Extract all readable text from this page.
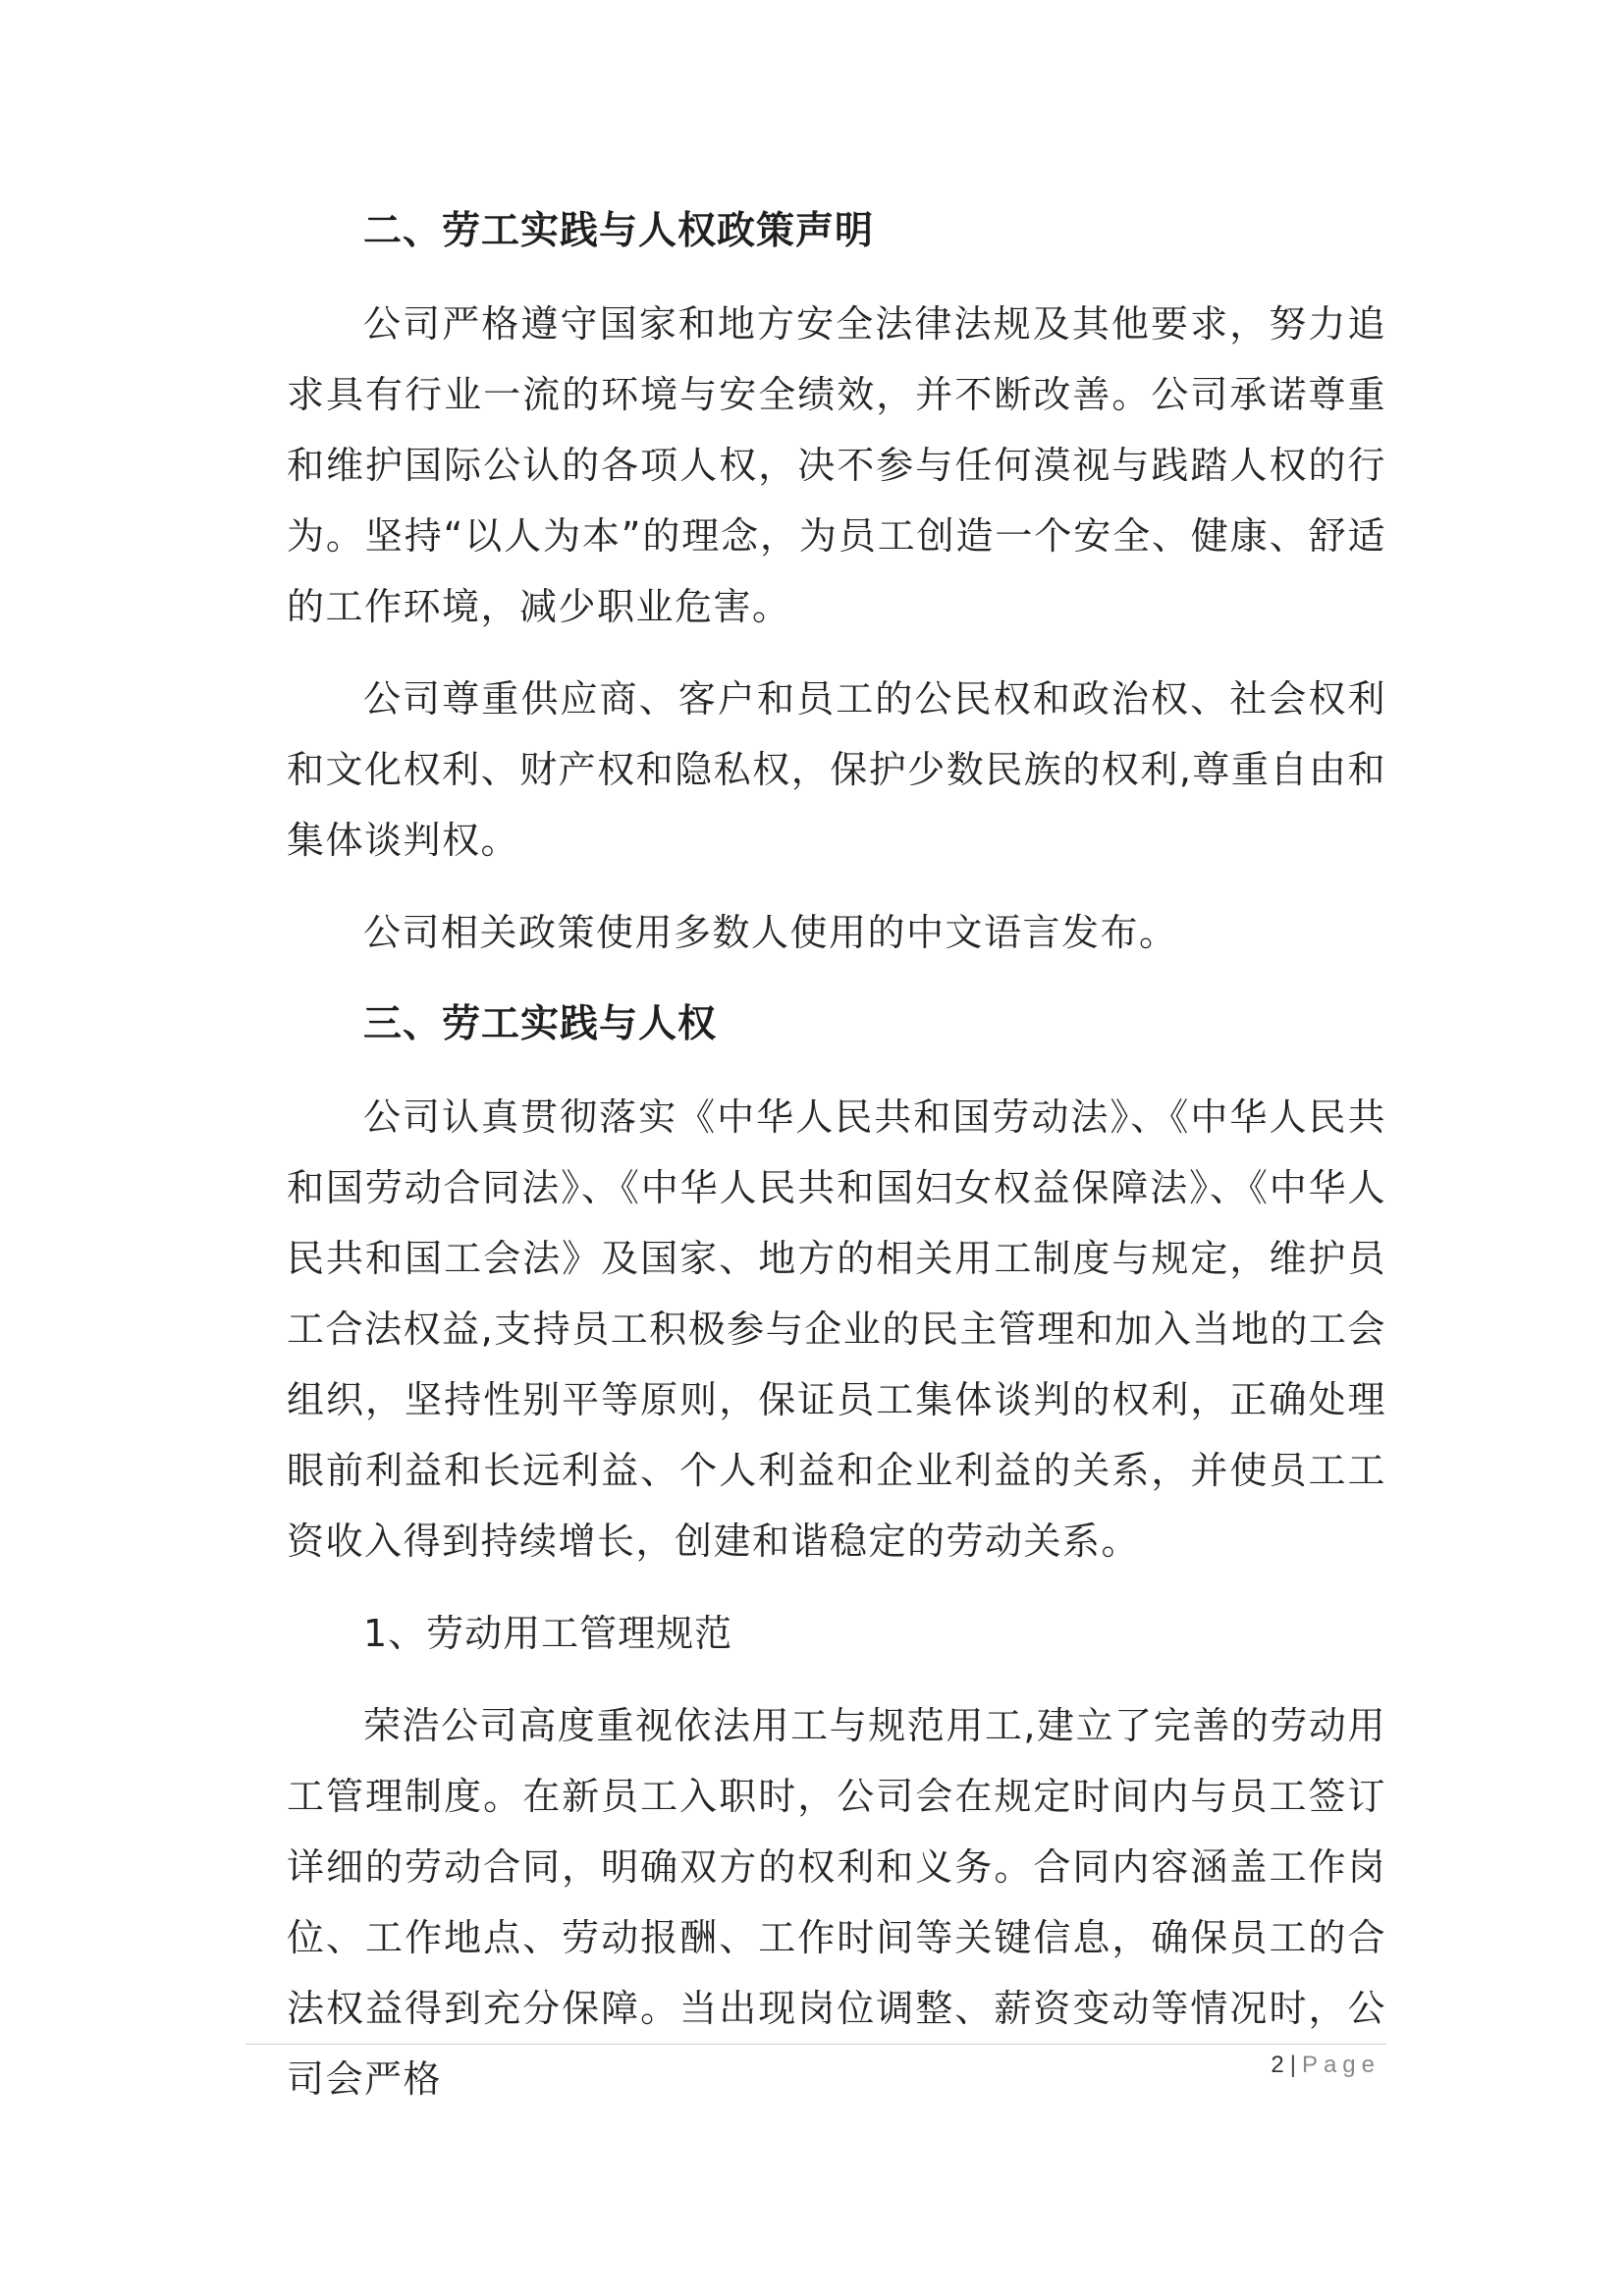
二、劳工实践与人权政策声明
公司严格遵守国家和地方安全法律法规及其他要求，努力追求具有行业一流的环境与安全绩效，并不断改善。公司承诺尊重和维护国际公认的各项人权，决不参与任何漠视与践踏人权的行为。坚持“以人为本”的理念，为员工创造一个安全、健康、舒适的工作环境，减少职业危害。
公司尊重供应商、客户和员工的公民权和政治权、社会权利和文化权利、财产权和隐私权，保护少数民族的权利,尊重自由和集体谈判权。
公司相关政策使用多数人使用的中文语言发布。
三、劳工实践与人权
公司认真贯彻落实《中华人民共和国劳动法》、《中华人民共和国劳动合同法》、《中华人民共和国妇女权益保障法》、《中华人民共和国工会法》及国家、地方的相关用工制度与规定，维护员工合法权益,支持员工积极参与企业的民主管理和加入当地的工会组织，坚持性别平等原则，保证员工集体谈判的权利，正确处理眼前利益和长远利益、个人利益和企业利益的关系，并使员工工资收入得到持续增长，创建和谐稳定的劳动关系。
1、劳动用工管理规范
荣浩公司高度重视依法用工与规范用工,建立了完善的劳动用工管理制度。在新员工入职时，公司会在规定时间内与员工签订详细的劳动合同，明确双方的权利和义务。合同内容涵盖工作岗位、工作地点、劳动报酬、工作时间等关键信息，确保员工的合法权益得到充分保障。当出现岗位调整、薪资变动等情况时，公司会严格	2 | Page
